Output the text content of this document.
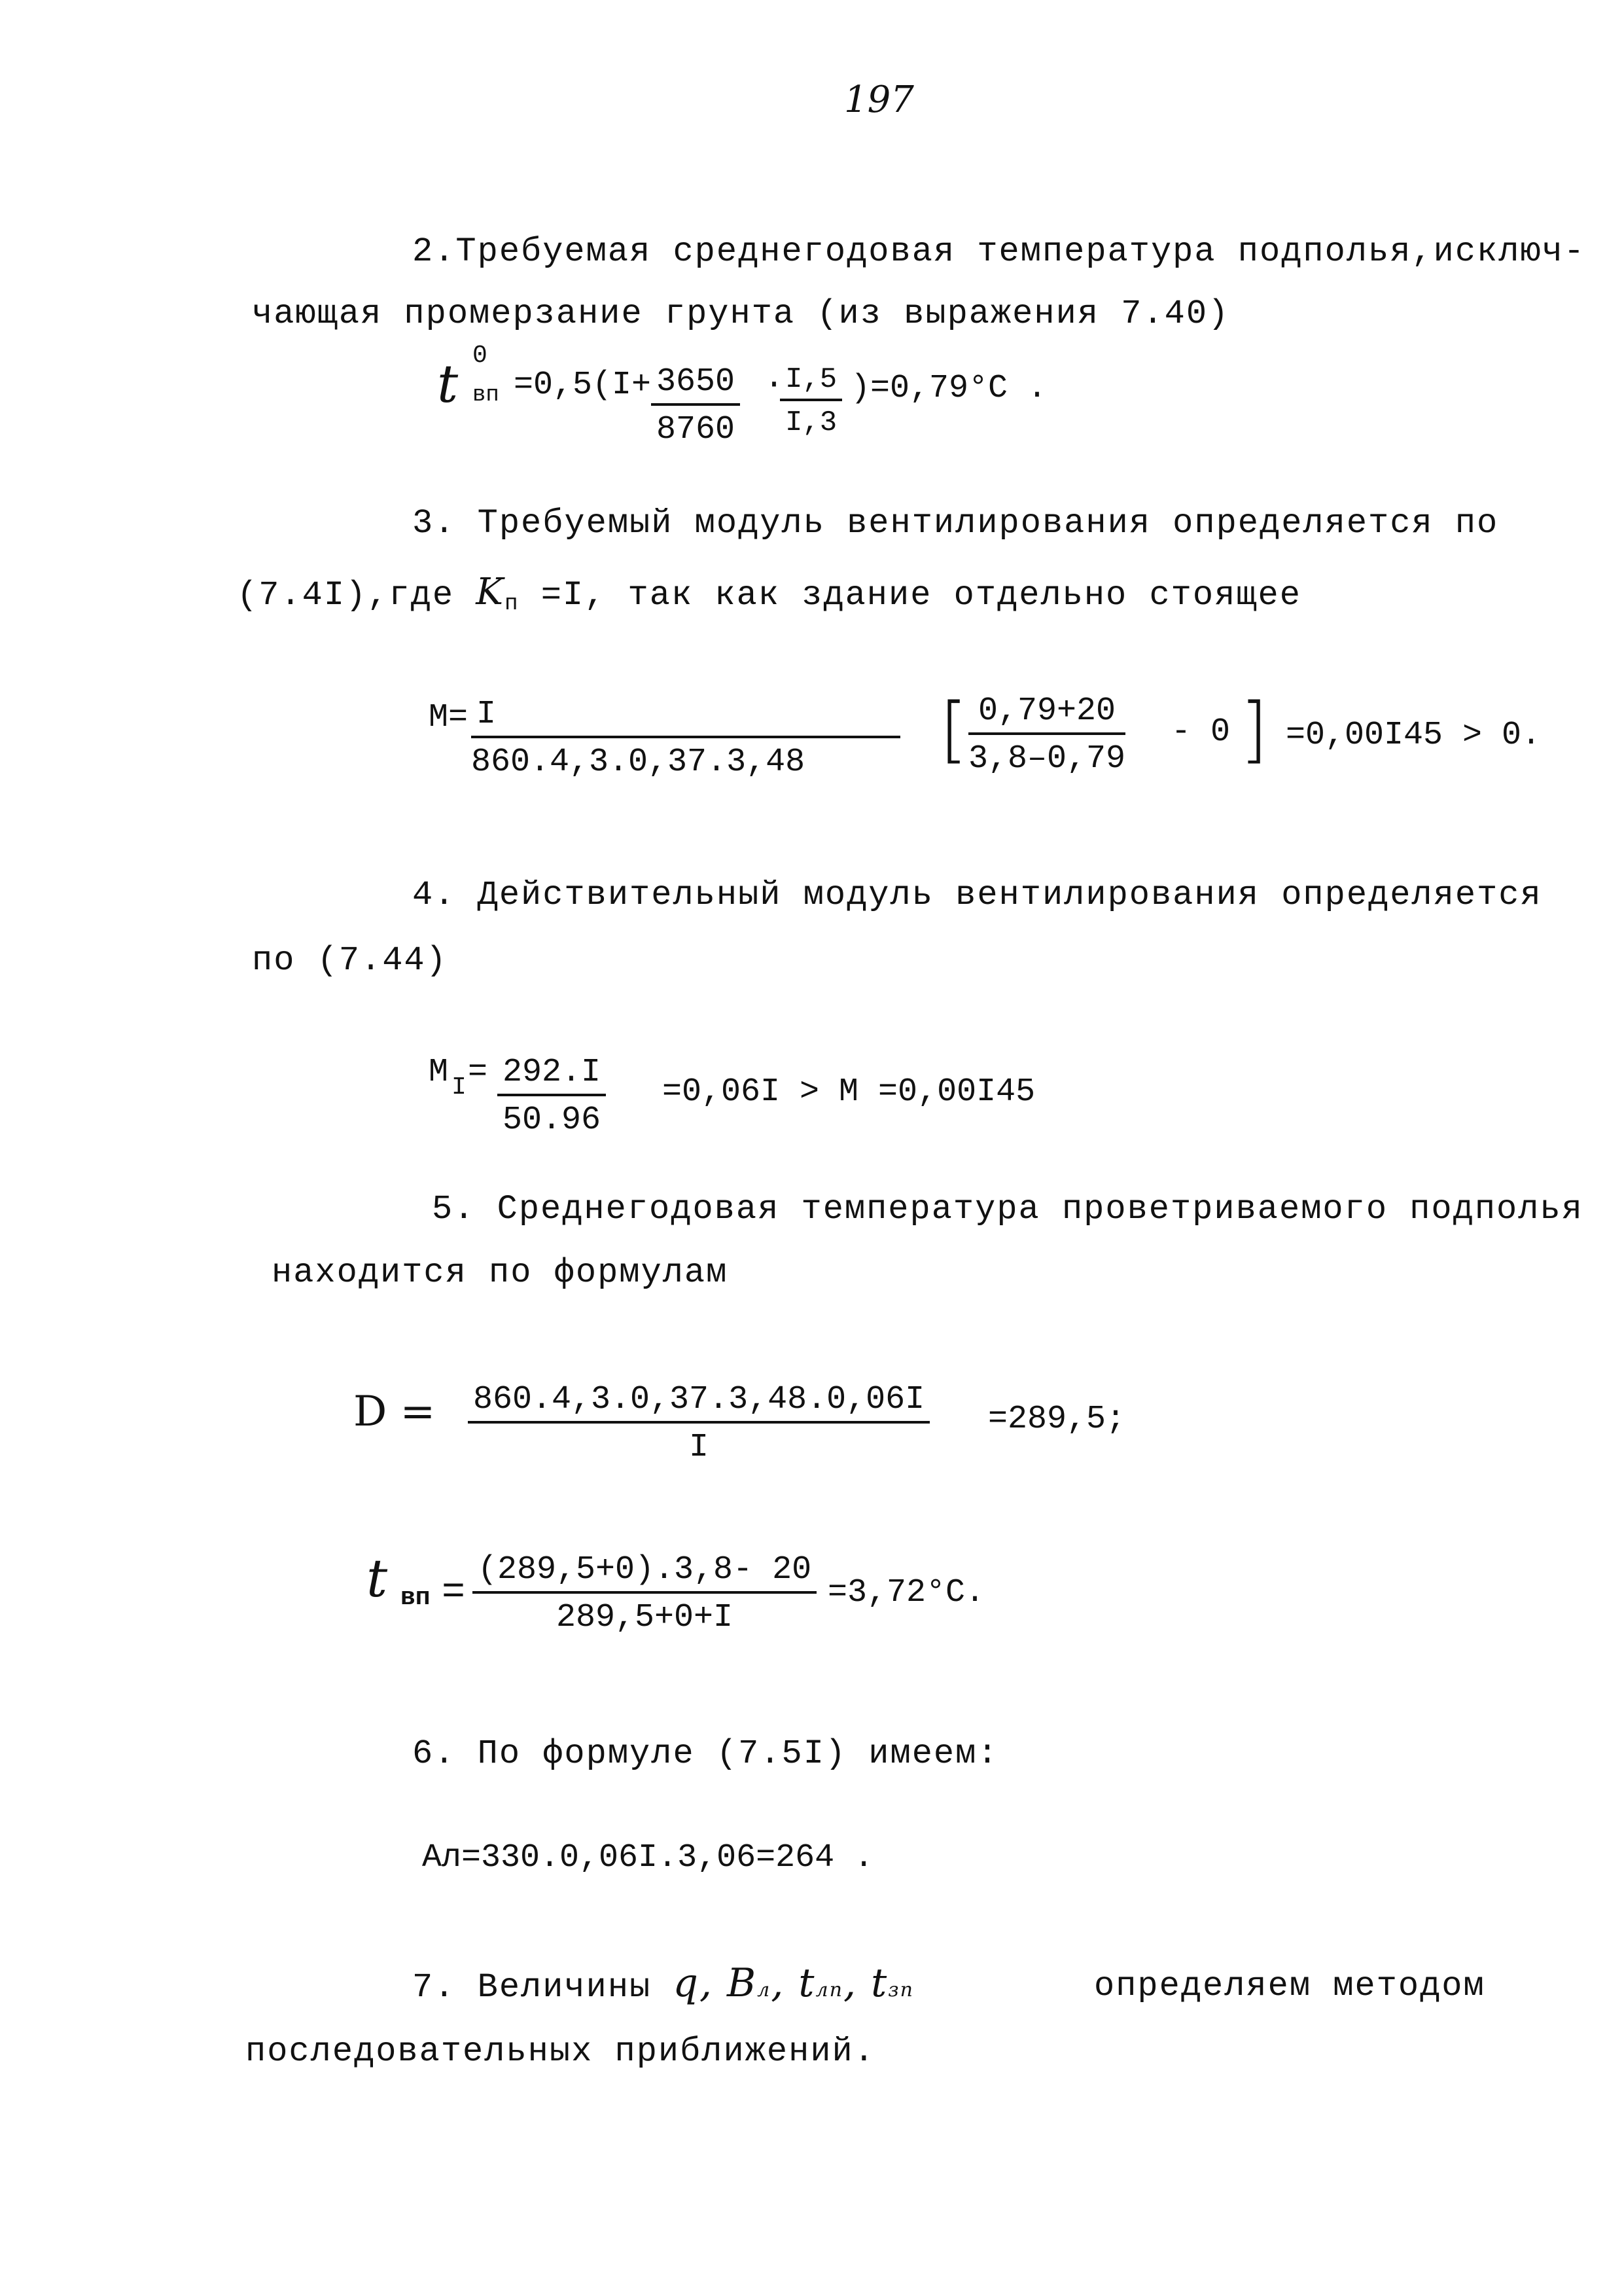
197
2.Требуемая среднегодовая температура подполья,исключ-
чающая промерзание грунта (из выражения 7.40)
t 0
вп $=0,5(I+ \frac{3650}{8760}$ ·
$\frac{I,5}{I,3} )=0,79^\circ C$ .
3. Требуемый модуль вентилирования определяется по
(7.4I),где Kп =I, так как здание отдельно стоящее
$M= \frac{I}{860.4,3.0,37.3,48}$ [ $\frac{0,79+20}{3,8-0,79} - 0$ ] =0,00I45 > 0.
4. Действительный модуль вентилирования определяется
по (7.44)
M $I = \frac{292.I}{50.96} =0,06I > M =0,00I45$
5. Среднегодовая температура проветриваемого подполья
находится по формулам
$D = \frac{860.4,3.0,37.3,48.0,06I}{I} =289,5$;
t вп = $\frac{(289,5+0).3,8- 20}{289,5+0+I} =3,72^\circ C$.
6. По формуле (7.5I) имеем:
Ал=330.0,06I.3,06=264 .
7. Величины q, Bл, tлп, tзп	определяем методом
последовательных приближений.
